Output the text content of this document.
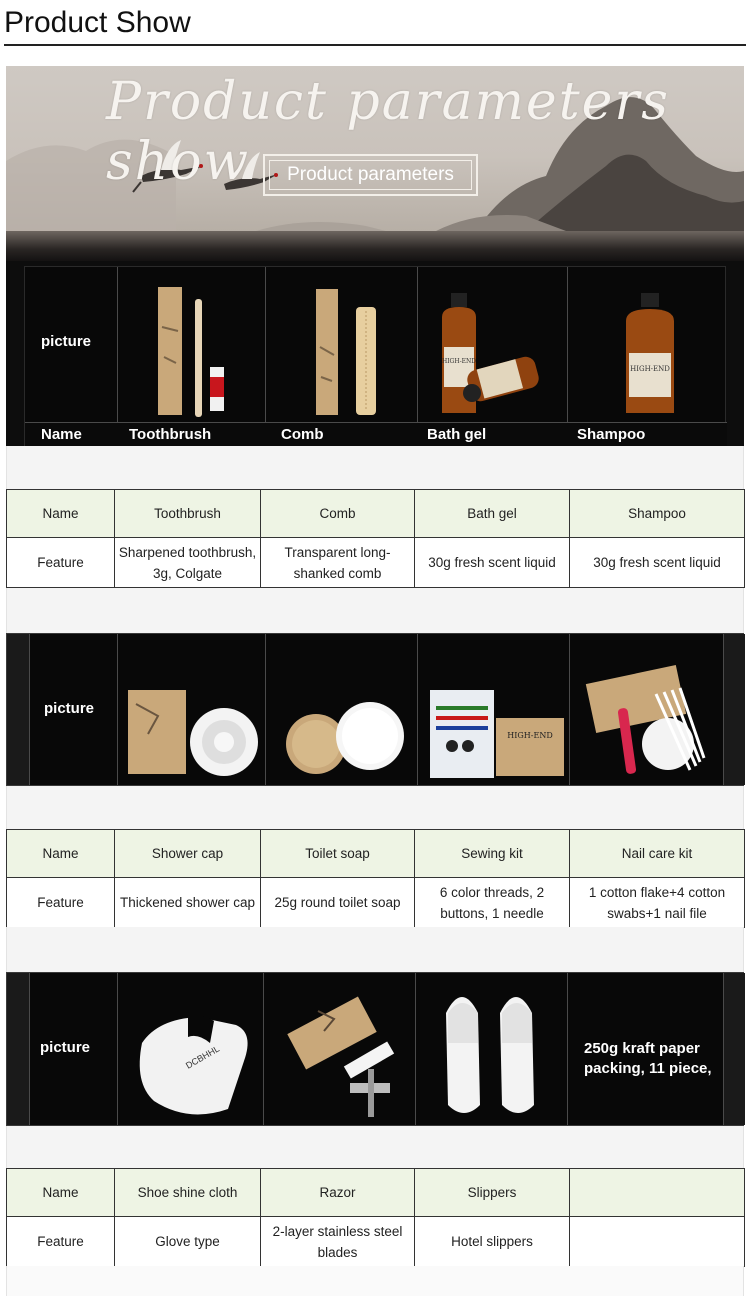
Product Show
Product parameters show	Product parameters
picture
HIGH-END
HIGH-END
Name	Toothbrush	Comb	Bath gel	Shampoo
Name	Toothbrush	Comb	Bath gel	Shampoo
Feature	Sharpened toothbrush, 3g, Colgate	Transparent long-shanked comb	30g fresh scent liquid	30g fresh scent liquid
picture
HIGH-END
Name	Shower cap	Toilet soap	Sewing kit	Nail care kit
Feature	Thickened shower cap	25g round toilet soap	6 color threads, 2 buttons, 1 needle	1 cotton flake+4 cotton swabs+1 nail file
picture	DCBHHL	250g kraft paper packing, 11 piece,
Name	Shoe shine cloth	Razor	Slippers	
Feature	Glove type	2-layer stainless steel blades	Hotel slippers	
